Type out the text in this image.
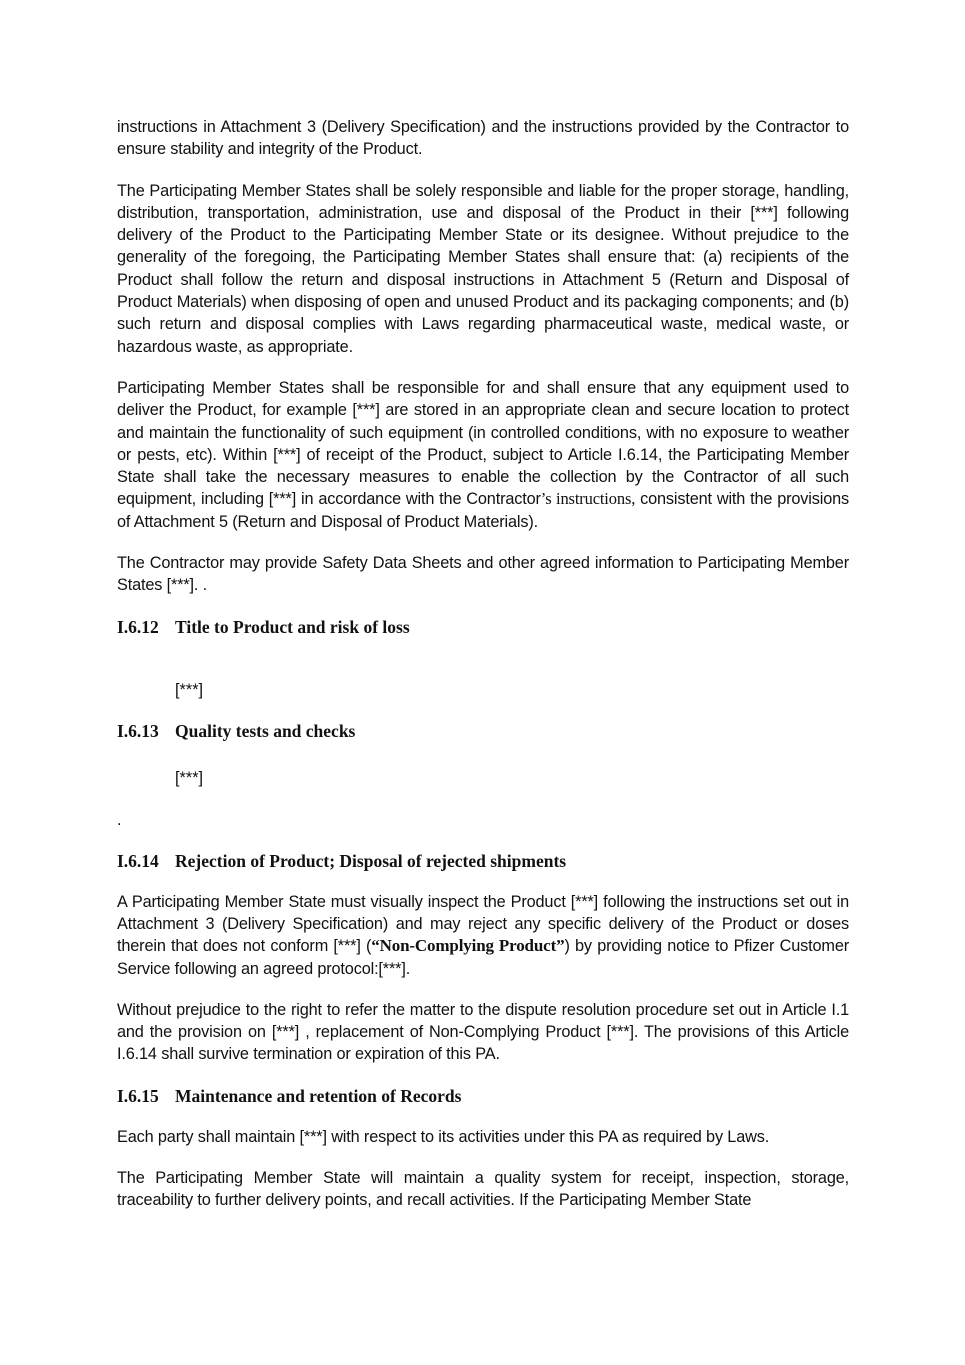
instructions in Attachment 3 (Delivery Specification) and the instructions provided by the Contractor to ensure stability and integrity of the Product.

The Participating Member States shall be solely responsible and liable for the proper storage, handling, distribution, transportation, administration, use and disposal of the Product in their [***] following delivery of the Product to the Participating Member State or its designee. Without prejudice to the generality of the foregoing, the Participating Member States shall ensure that: (a) recipients of the Product shall follow the return and disposal instructions in Attachment 5 (Return and Disposal of Product Materials) when disposing of open and unused Product and its packaging components; and (b) such return and disposal complies with Laws regarding pharmaceutical waste, medical waste, or hazardous waste, as appropriate.

Participating Member States shall be responsible for and shall ensure that any equipment used to deliver the Product, for example [***] are stored in an appropriate clean and secure location to protect and maintain the functionality of such equipment (in controlled conditions, with no exposure to weather or pests, etc). Within [***] of receipt of the Product, subject to Article I.6.14, the Participating Member State shall take the necessary measures to enable the collection by the Contractor of all such equipment, including [***] in accordance with the Contractor’s instructions, consistent with the provisions of Attachment 5 (Return and Disposal of Product Materials).

The Contractor may provide Safety Data Sheets and other agreed information to Participating Member States [***]. .

I.6.12 Title to Product and risk of loss
[***]
I.6.13 Quality tests and checks
[***]
.
I.6.14 Rejection of Product; Disposal of rejected shipments

A Participating Member State must visually inspect the Product [***] following the instructions set out in Attachment 3 (Delivery Specification) and may reject any specific delivery of the Product or doses therein that does not conform [***] (“Non-Complying Product”) by providing notice to Pfizer Customer Service following an agreed protocol:[***].

Without prejudice to the right to refer the matter to the dispute resolution procedure set out in Article I.1 and the provision on [***] , replacement of Non-Complying Product [***]. The provisions of this Article I.6.14 shall survive termination or expiration of this PA.

I.6.15 Maintenance and retention of Records

Each party shall maintain [***] with respect to its activities under this PA as required by Laws.

The Participating Member State will maintain a quality system for receipt, inspection, storage, traceability to further delivery points, and recall activities. If the Participating Member State
